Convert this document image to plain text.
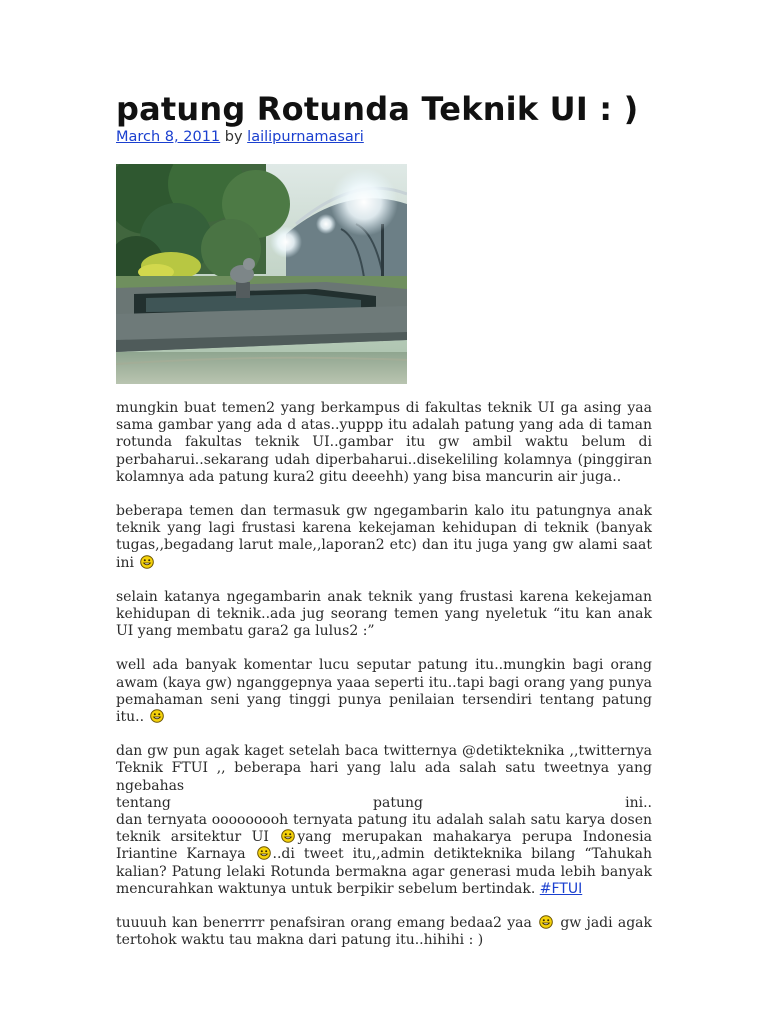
patung Rotunda Teknik UI : )
March 8, 2011 by lailipurnamasari

mungkin buat temen2 yang berkampus di fakultas teknik UI ga asing yaa sama gambar yang ada d atas..yuppp itu adalah patung yang ada di taman rotunda fakultas teknik UI..gambar itu gw ambil waktu belum di perbaharui..sekarang udah diperbaharui..disekeliling kolamnya (pinggiran kolamnya ada patung kura2 gitu deeehh) yang bisa mancurin air juga..

beberapa temen dan termasuk gw ngegambarin kalo itu patungnya anak teknik yang lagi frustasi karena kekejaman kehidupan di teknik (banyak tugas,,begadang larut male,,laporan2 etc) dan itu juga yang gw alami saat ini

selain katanya ngegambarin anak teknik yang frustasi karena kekejaman kehidupan di teknik..ada jug seorang temen yang nyeletuk “itu kan anak UI yang membatu gara2 ga lulus2 :”

well ada banyak komentar lucu seputar patung itu..mungkin bagi orang awam (kaya gw) nganggepnya yaaa seperti itu..tapi bagi orang yang punya pemahaman seni yang tinggi punya penilaian tersendiri tentang patung itu..

dan gw pun agak kaget setelah baca twitternya @detikteknika ,,twitternya Teknik FTUI ,, beberapa hari yang lalu ada salah satu tweetnya yang ngebahas

tentang	patung	ini..

dan ternyata ooooooooh ternyata patung itu adalah salah satu karya dosen teknik arsitektur UI yang merupakan mahakarya perupa Indonesia Iriantine Karnaya ..di tweet itu,,admin detikteknika bilang “Tahukah kalian? Patung lelaki Rotunda bermakna agar generasi muda lebih banyak mencurahkan waktunya untuk berpikir sebelum bertindak. #FTUI

tuuuuh kan benerrrr penafsiran orang emang bedaa2 yaa gw jadi agak tertohok waktu tau makna dari patung itu..hihihi : )
